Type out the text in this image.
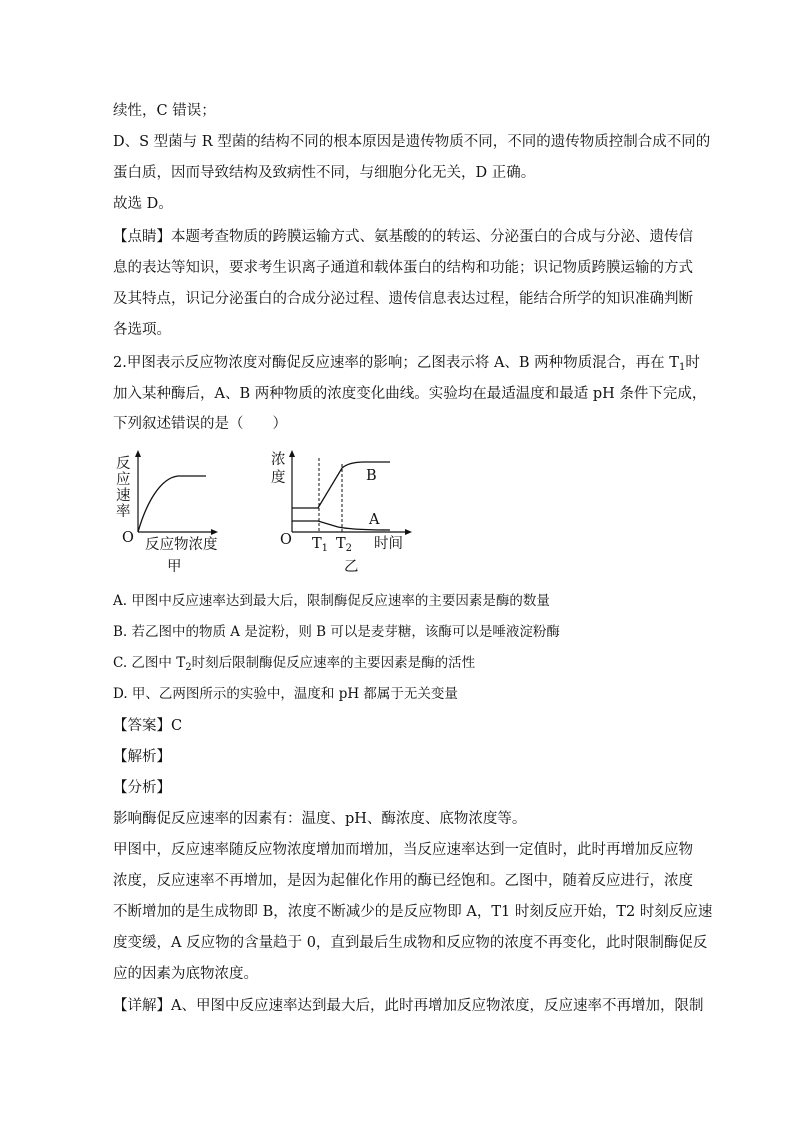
续性，C 错误；
D、S 型菌与 R 型菌的结构不同的根本原因是遗传物质不同，不同的遗传物质控制合成不同的
蛋白质，因而导致结构及致病性不同，与细胞分化无关，D 正确。
故选 D。
【点睛】本题考查物质的跨膜运输方式、氨基酸的的转运、分泌蛋白的合成与分泌、遗传信
息的表达等知识，要求考生识离子通道和载体蛋白的结构和功能；识记物质跨膜运输的方式
及其特点，识记分泌蛋白的合成分泌过程、遗传信息表达过程，能结合所学的知识准确判断
各选项。
2.甲图表示反应物浓度对酶促反应速率的影响；乙图表示将 A、B 两种物质混合，再在 $T_1$时
加入某种酶后，A、B 两种物质的浓度变化曲线。实验均在最适温度和最适 pH 条件下完成，
下列叙述错误的是（　　）
反
应
速
率
O 反应物浓度
甲
浓
度
O $T_1$ $T_2$ 时间
B
A
乙
A. 甲图中反应速率达到最大后，限制酶促反应速率的主要因素是酶的数量
B. 若乙图中的物质 A 是淀粉，则 B 可以是麦芽糖，该酶可以是唾液淀粉酶
C. 乙图中 $T_2$时刻后限制酶促反应速率的主要因素是酶的活性
D. 甲、乙两图所示的实验中，温度和 pH 都属于无关变量
【答案】C
【解析】
【分析】
影响酶促反应速率的因素有：温度、pH、酶浓度、底物浓度等。
甲图中，反应速率随反应物浓度增加而增加，当反应速率达到一定值时，此时再增加反应物
浓度，反应速率不再增加，是因为起催化作用的酶已经饱和。乙图中，随着反应进行，浓度
不断增加的是生成物即 B，浓度不断减少的是反应物即 A，T1 时刻反应开始，T2 时刻反应速
度变缓，A 反应物的含量趋于 0，直到最后生成物和反应物的浓度不再变化，此时限制酶促反
应的因素为底物浓度。
【详解】A、甲图中反应速率达到最大后，此时再增加反应物浓度，反应速率不再增加，限制
